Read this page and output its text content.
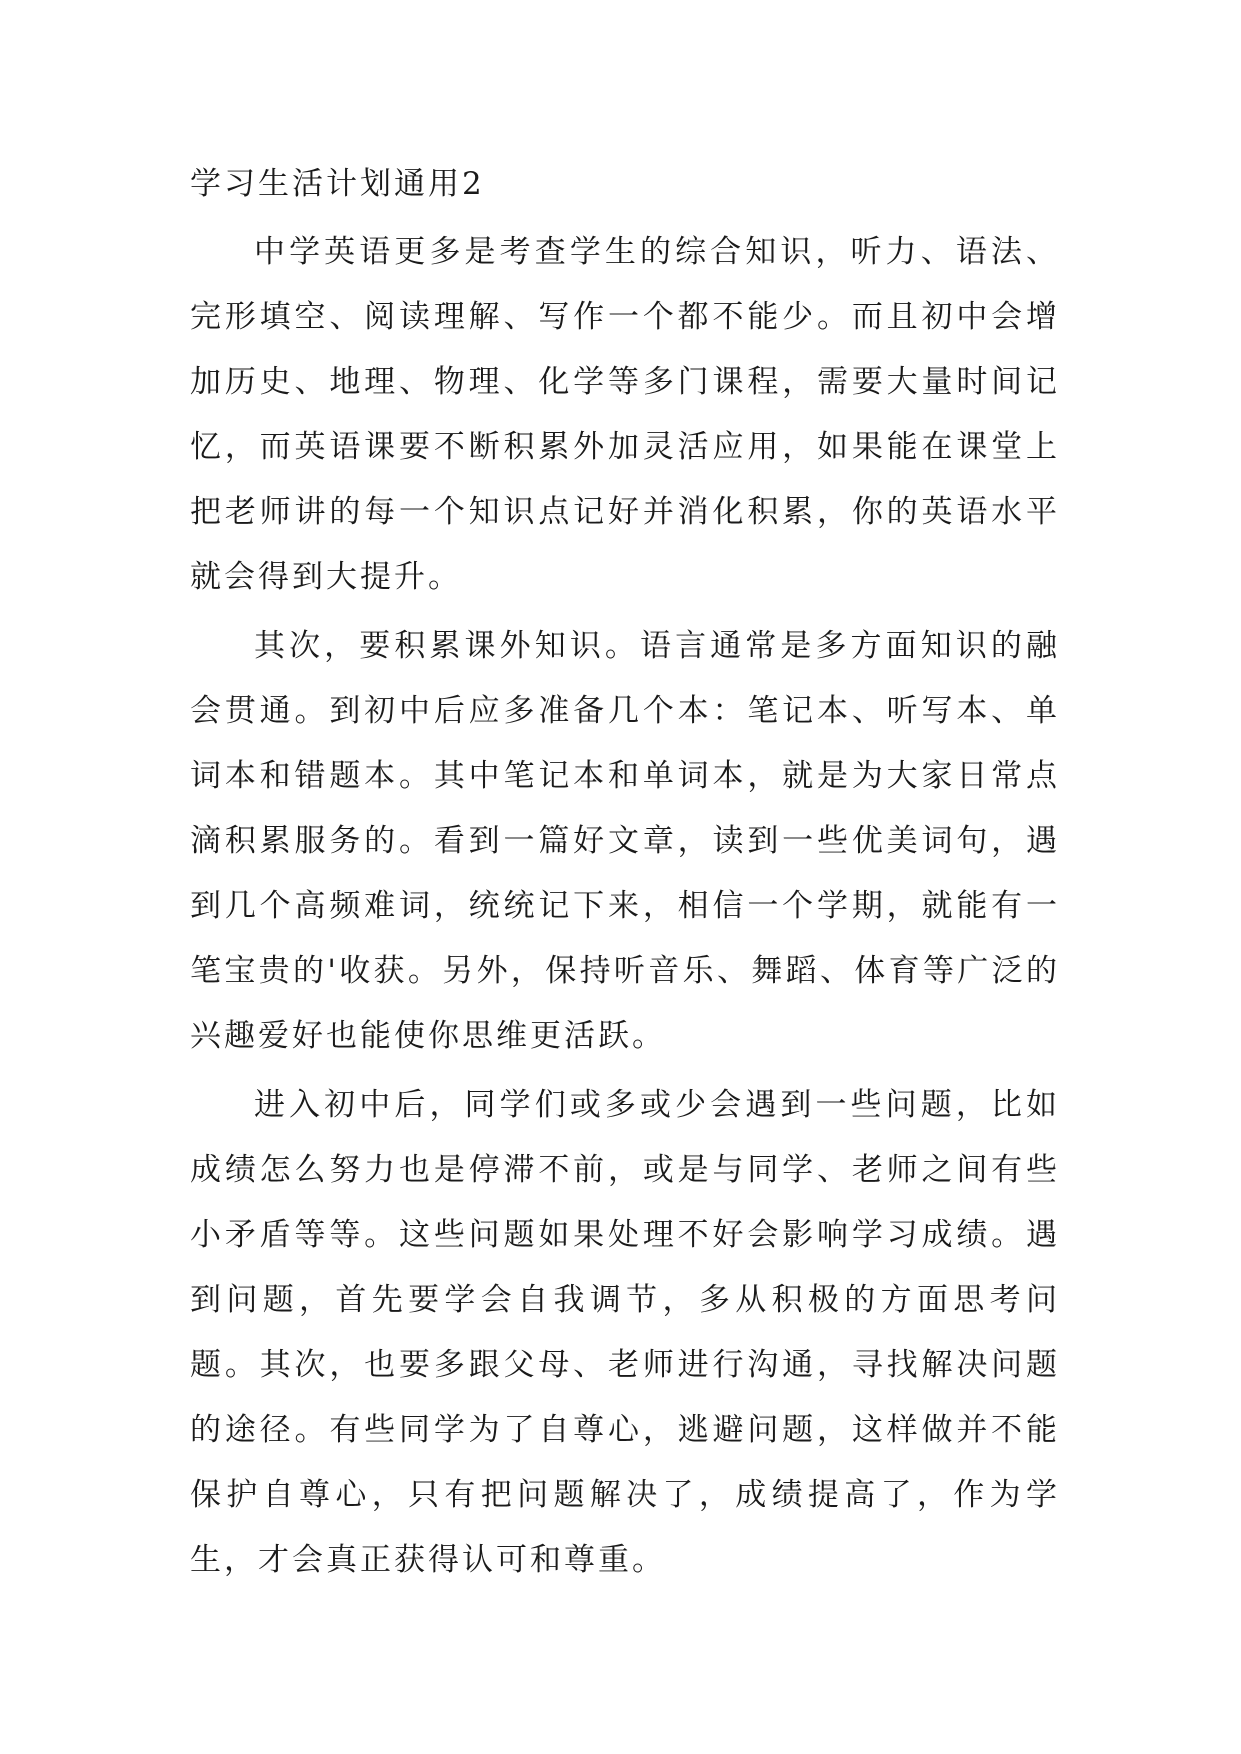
学习生活计划通用2

中学英语更多是考查学生的综合知识，听力、语法、完形填空、阅读理解、写作一个都不能少。而且初中会增加历史、地理、物理、化学等多门课程，需要大量时间记忆，而英语课要不断积累外加灵活应用，如果能在课堂上把老师讲的每一个知识点记好并消化积累，你的英语水平就会得到大提升。

其次，要积累课外知识。语言通常是多方面知识的融会贯通。到初中后应多准备几个本：笔记本、听写本、单词本和错题本。其中笔记本和单词本，就是为大家日常点滴积累服务的。看到一篇好文章，读到一些优美词句，遇到几个高频难词，统统记下来，相信一个学期，就能有一笔宝贵的'收获。另外，保持听音乐、舞蹈、体育等广泛的兴趣爱好也能使你思维更活跃。

进入初中后，同学们或多或少会遇到一些问题，比如成绩怎么努力也是停滞不前，或是与同学、老师之间有些小矛盾等等。这些问题如果处理不好会影响学习成绩。遇到问题，首先要学会自我调节，多从积极的方面思考问题。其次，也要多跟父母、老师进行沟通，寻找解决问题的途径。有些同学为了自尊心，逃避问题，这样做并不能保护自尊心，只有把问题解决了，成绩提高了，作为学生，才会真正获得认可和尊重。
